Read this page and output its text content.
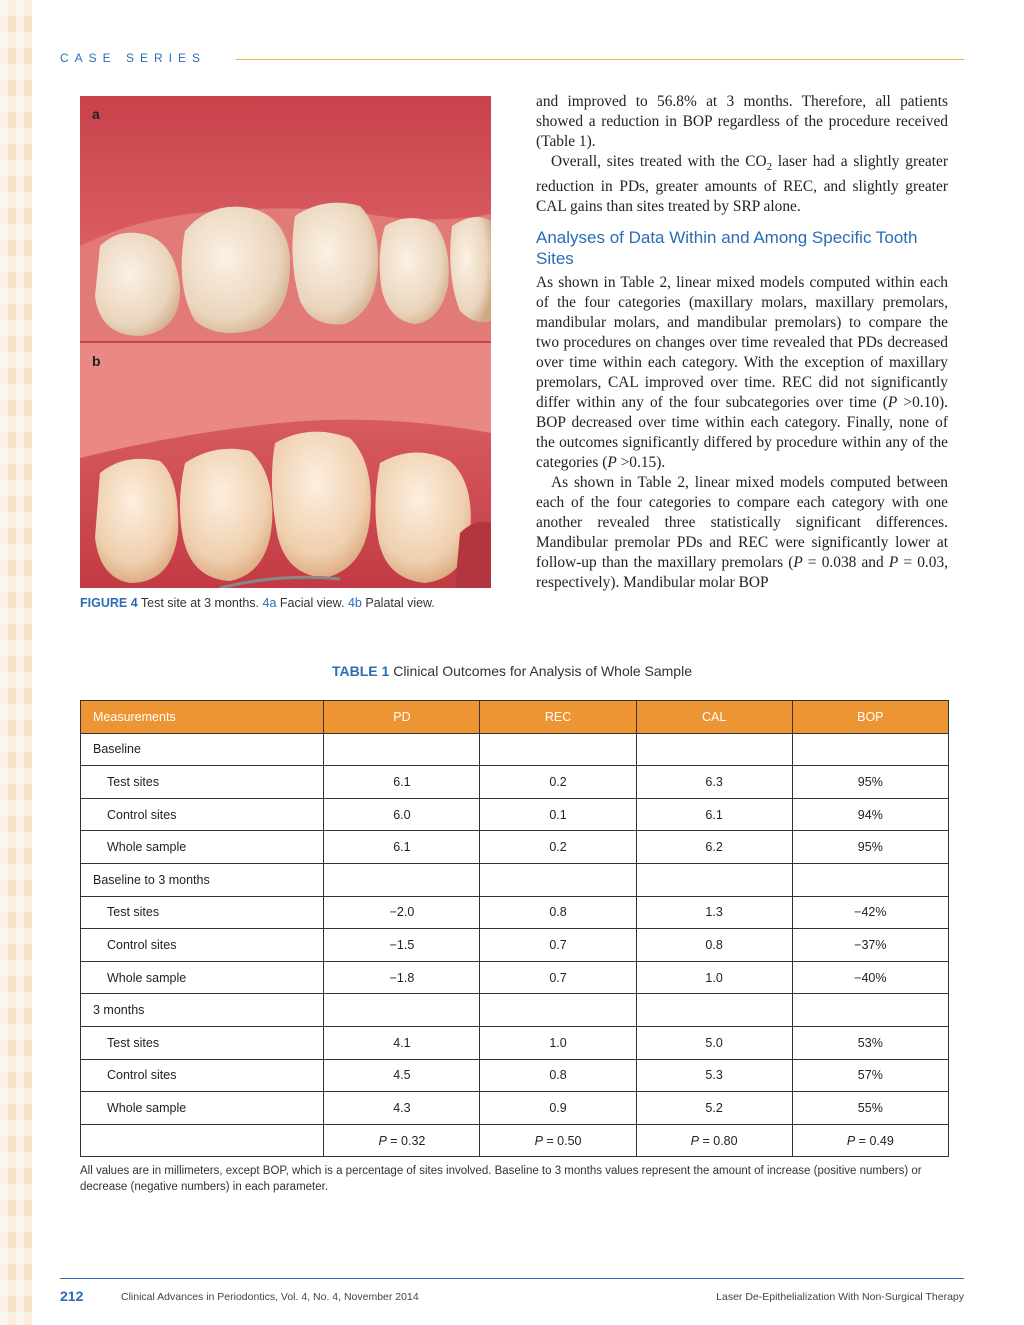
CASE SERIES
a
b
FIGURE 4 Test site at 3 months. 4a Facial view. 4b Palatal view.

and improved to 56.8% at 3 months. Therefore, all patients showed a reduction in BOP regardless of the procedure received (Table 1).

Overall, sites treated with the $CO_2$ laser had a slightly greater reduction in PDs, greater amounts of REC, and slightly greater CAL gains than sites treated by SRP alone.

Analyses of Data Within and Among Specific Tooth Sites

As shown in Table 2, linear mixed models computed within each of the four categories (maxillary molars, maxillary premolars, mandibular molars, and mandibular premolars) to compare the two procedures on changes over time revealed that PDs decreased over time within each category. With the exception of maxillary premolars, CAL improved over time. REC did not significantly differ within any of the four subcategories over time (P >0.10). BOP decreased over time within each category. Finally, none of the outcomes significantly differed by procedure within any of the categories (P >0.15).

As shown in Table 2, linear mixed models computed between each of the four categories to compare each category with one another revealed three statistically significant differences. Mandibular premolar PDs and REC were significantly lower at follow-up than the maxillary premolars (P = 0.038 and P = 0.03, respectively). Mandibular molar BOP

TABLE 1 Clinical Outcomes for Analysis of Whole Sample
Measurements	PD	REC	CAL	BOP
Baseline				
Test sites	6.1	0.2	6.3	95%
Control sites	6.0	0.1	6.1	94%
Whole sample	6.1	0.2	6.2	95%
Baseline to 3 months				
Test sites	−2.0	0.8	1.3	−42%
Control sites	−1.5	0.7	0.8	−37%
Whole sample	−1.8	0.7	1.0	−40%
3 months				
Test sites	4.1	1.0	5.0	53%
Control sites	4.5	0.8	5.3	57%
Whole sample	4.3	0.9	5.2	55%
	P = 0.32	P = 0.50	P = 0.80	P = 0.49
All values are in millimeters, except BOP, which is a percentage of sites involved. Baseline to 3 months values represent the amount of increase (positive numbers) or decrease (negative numbers) in each parameter.
212	Clinical Advances in Periodontics, Vol. 4, No. 4, November 2014	Laser De-Epithelialization With Non-Surgical Therapy
